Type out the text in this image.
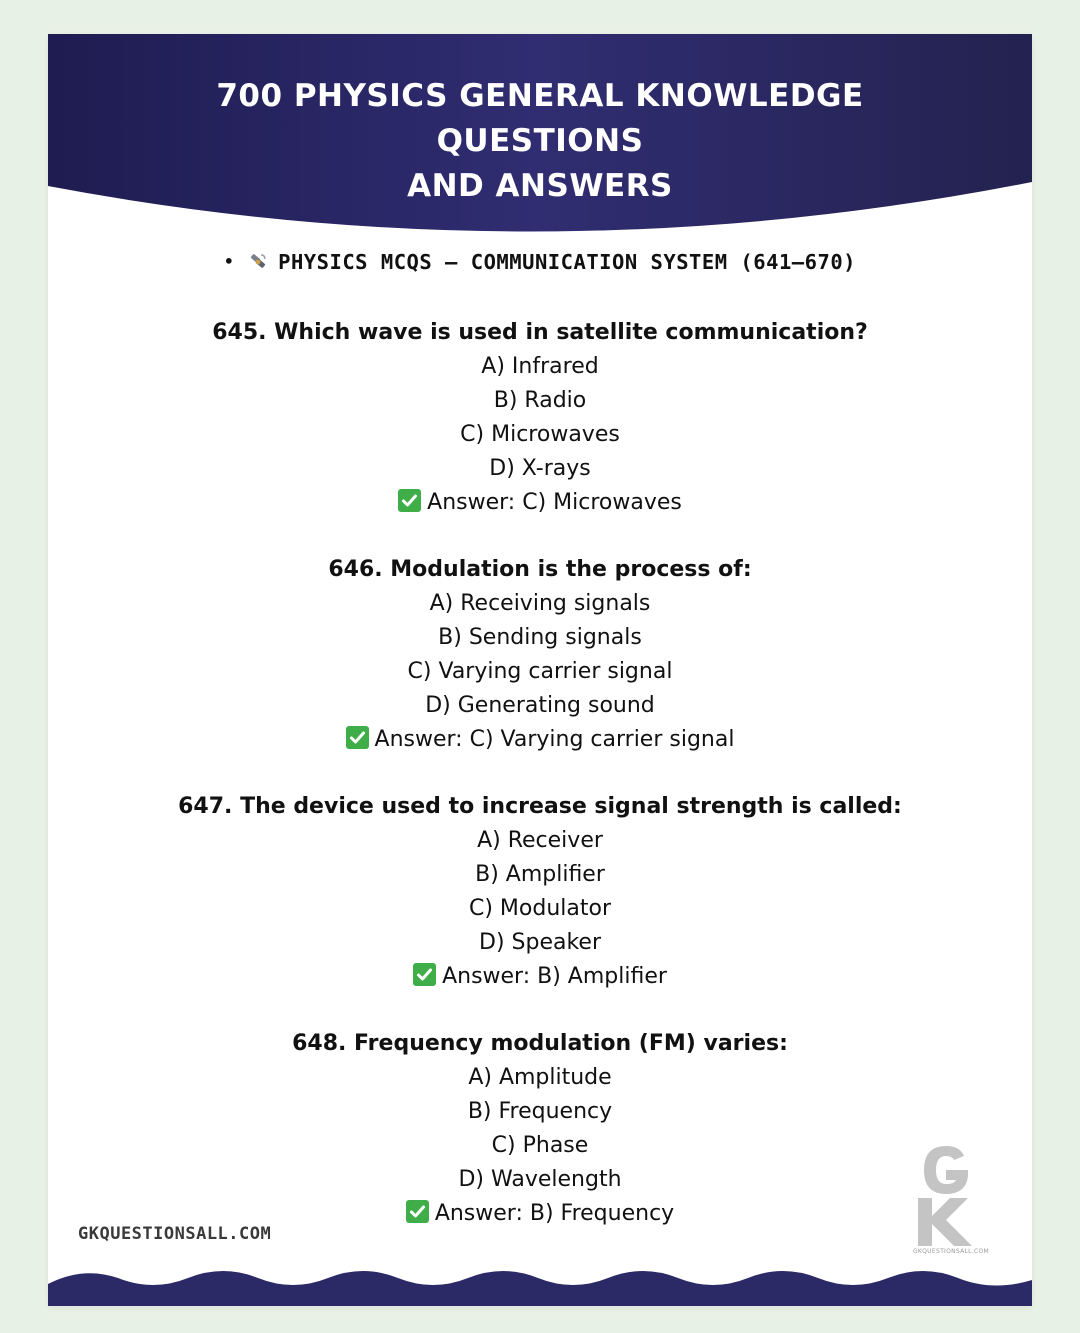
700 PHYSICS GENERAL KNOWLEDGE
QUESTIONS
AND ANSWERS
• PHYSICS MCQS – COMMUNICATION SYSTEM (641–670)
645. Which wave is used in satellite communication?
A) Infrared
B) Radio
C) Microwaves
D) X-rays
Answer: C) Microwaves
646. Modulation is the process of:
A) Receiving signals
B) Sending signals
C) Varying carrier signal
D) Generating sound
Answer: C) Varying carrier signal
647. The device used to increase signal strength is called:
A) Receiver
B) Amplifier
C) Modulator
D) Speaker
Answer: B) Amplifier
648. Frequency modulation (FM) varies:
A) Amplitude
B) Frequency
C) Phase
D) Wavelength
Answer: B) Frequency
GKQUESTIONSALL.COM
GKQUESTIONSALL.COM
